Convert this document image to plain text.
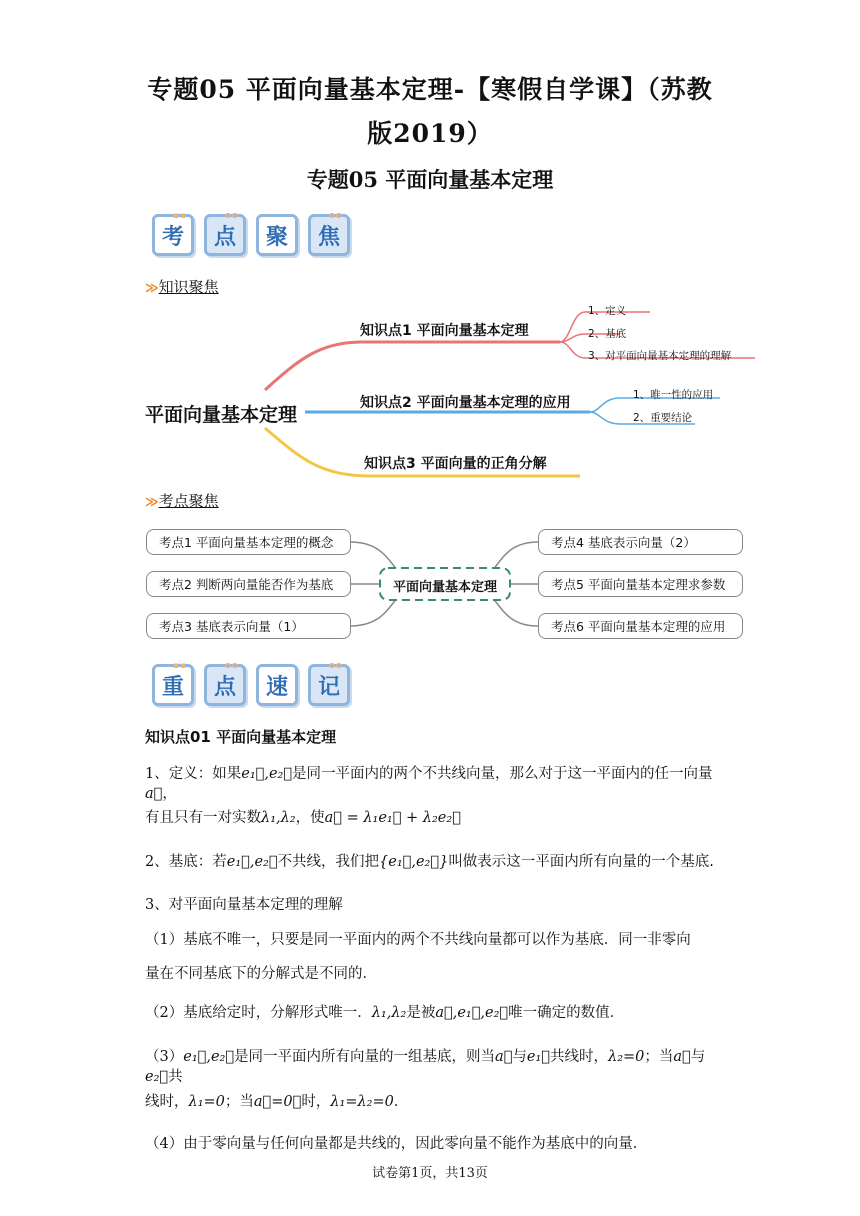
专题05 平面向量基本定理-【寒假自学课】（苏教
版2019）
专题05 平面向量基本定理
▪▪
考
oo
点 聚
oo
焦
≫知识聚焦
平面向量基本定理
知识点1 平面向量基本定理
1、定义
2、基底
3、对平面向量基本定理的理解
知识点2 平面向量基本定理的应用	1、唯一性的应用
2、重要结论
知识点3 平面向量的正角分解
≫考点聚焦
平面向量基本定理
考点1 平面向量基本定理的概念
考点2 判断两向量能否作为基底
考点3 基底表示向量（1）
考点4 基底表示向量（2）
考点5 平面向量基本定理求参数
考点6 平面向量基本定理的应用
▪▪
重
oo
点 速
oo
记
知识点01 平面向量基本定理
1、定义：如果e₁⃗,e₂⃗是同一平面内的两个不共线向量，那么对于这一平面内的任一向量a⃗，
有且只有一对实数λ₁,λ₂，使a⃗ = λ₁e₁⃗ + λ₂e₂⃗
2、基底：若e₁⃗,e₂⃗不共线，我们把{e₁⃗,e₂⃗}叫做表示这一平面内所有向量的一个基底.
3、对平面向量基本定理的理解
（1）基底不唯一，只要是同一平面内的两个不共线向量都可以作为基底．同一非零向
量在不同基底下的分解式是不同的．
（2）基底给定时，分解形式唯一．λ₁,λ₂是被a⃗,e₁⃗,e₂⃗唯一确定的数值．
（3）e₁⃗,e₂⃗是同一平面内所有向量的一组基底，则当a⃗与e₁⃗共线时，λ₂=0；当a⃗与e₂⃗共
线时，λ₁=0；当a⃗=0⃗时，λ₁=λ₂=0．
（4）由于零向量与任何向量都是共线的，因此零向量不能作为基底中的向量．
试卷第1页，共13页
